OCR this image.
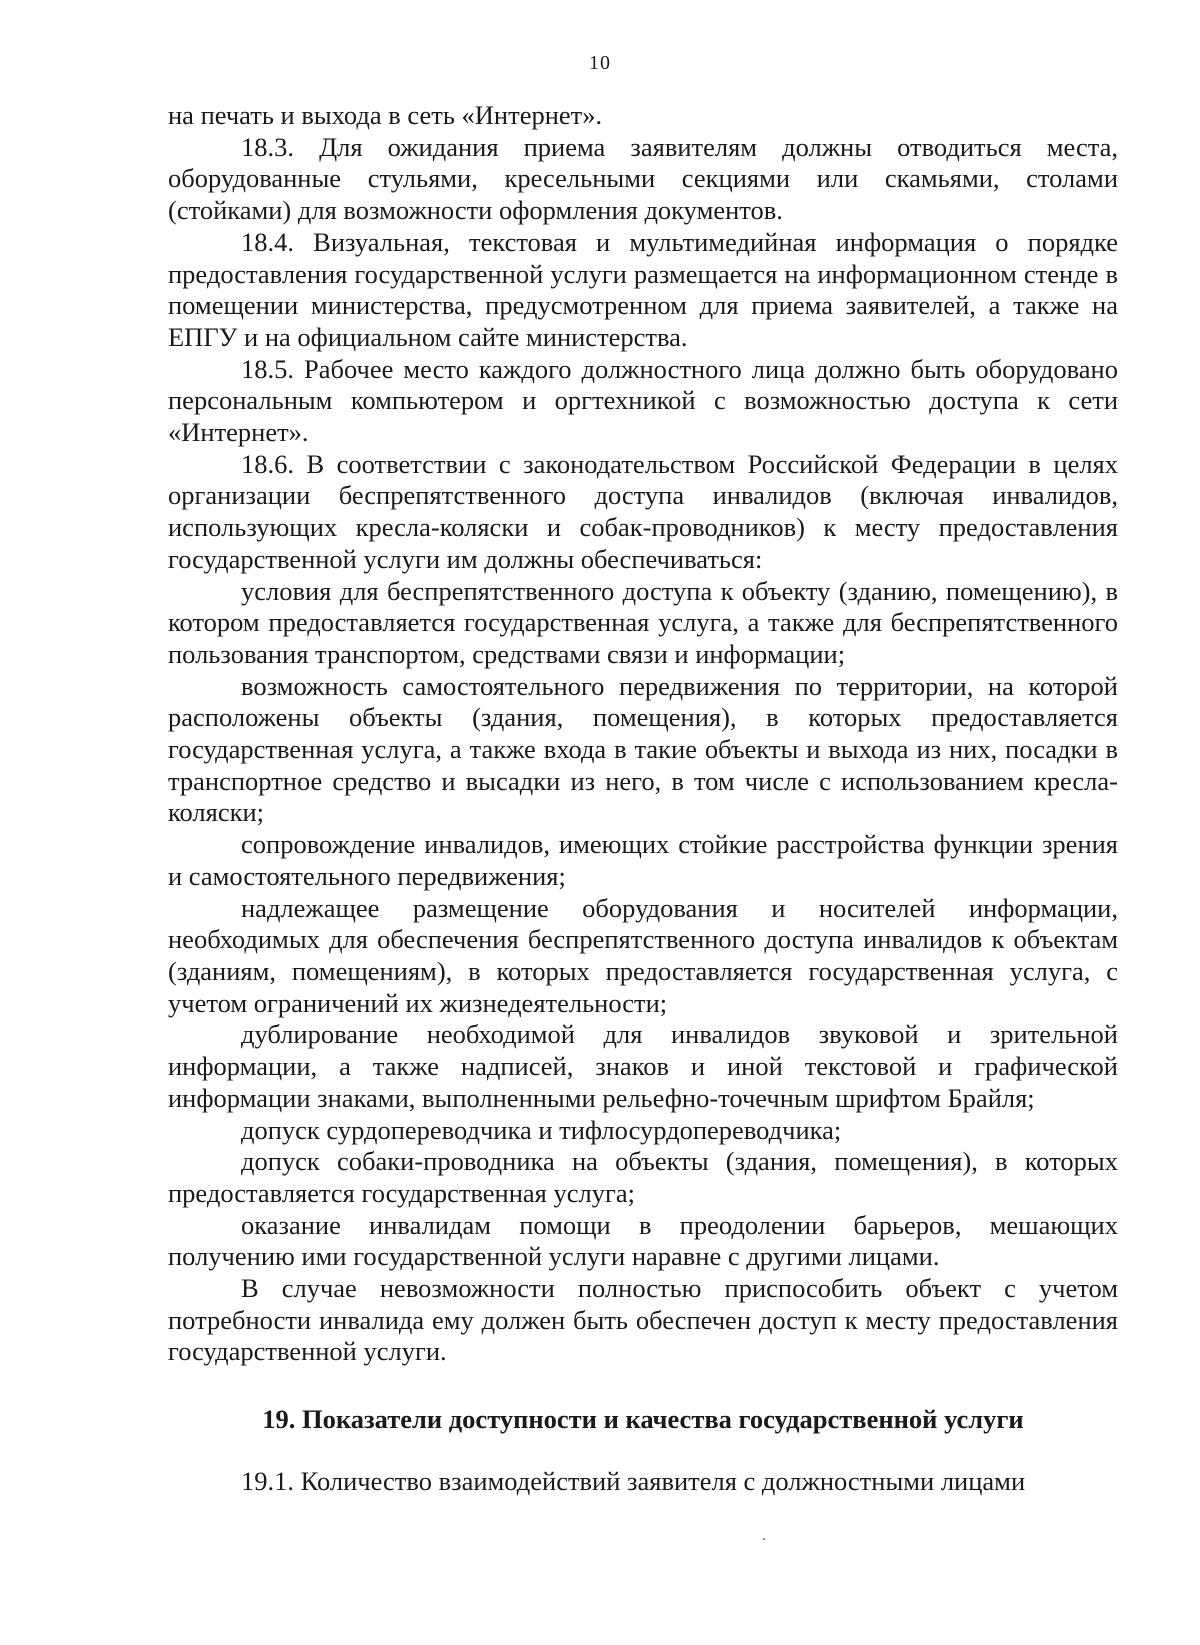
10

на печать и выхода в сеть «Интернет».

18.3. Для ожидания приема заявителям должны отводиться места, оборудованные стульями, кресельными секциями или скамьями, столами (стойками) для возможности оформления документов.

18.4. Визуальная, текстовая и мультимедийная информация о порядке предоставления государственной услуги размещается на информационном стенде в помещении министерства, предусмотренном для приема заявителей, а также на ЕПГУ и на официальном сайте министерства.

18.5. Рабочее место каждого должностного лица должно быть оборудовано персональным компьютером и оргтехникой с возможностью доступа к сети «Интернет».

18.6. В соответствии с законодательством Российской Федерации в целях организации беспрепятственного доступа инвалидов (включая инвалидов, использующих кресла-коляски и собак-проводников) к месту предоставления государственной услуги им должны обеспечиваться:

условия для беспрепятственного доступа к объекту (зданию, помещению), в котором предоставляется государственная услуга, а также для беспрепятственного пользования транспортом, средствами связи и информации;

возможность самостоятельного передвижения по территории, на которой расположены объекты (здания, помещения), в которых предоставляется государственная услуга, а также входа в такие объекты и выхода из них, посадки в транспортное средство и высадки из него, в том числе с использованием кресла-коляски;

сопровождение инвалидов, имеющих стойкие расстройства функции зрения и самостоятельного передвижения;

надлежащее размещение оборудования и носителей информации, необходимых для обеспечения беспрепятственного доступа инвалидов к объектам (зданиям, помещениям), в которых предоставляется государственная услуга, с учетом ограничений их жизнедеятельности;

дублирование необходимой для инвалидов звуковой и зрительной информации, а также надписей, знаков и иной текстовой и графической информации знаками, выполненными рельефно-точечным шрифтом Брайля;

допуск сурдопереводчика и тифлосурдопереводчика;

допуск собаки-проводника на объекты (здания, помещения), в которых предоставляется государственная услуга;

оказание инвалидам помощи в преодолении барьеров, мешающих получению ими государственной услуги наравне с другими лицами.

В случае невозможности полностью приспособить объект с учетом потребности инвалида ему должен быть обеспечен доступ к месту предоставления государственной услуги.

19. Показатели доступности и качества государственной услуги

19.1. Количество взаимодействий заявителя с должностными лицами
